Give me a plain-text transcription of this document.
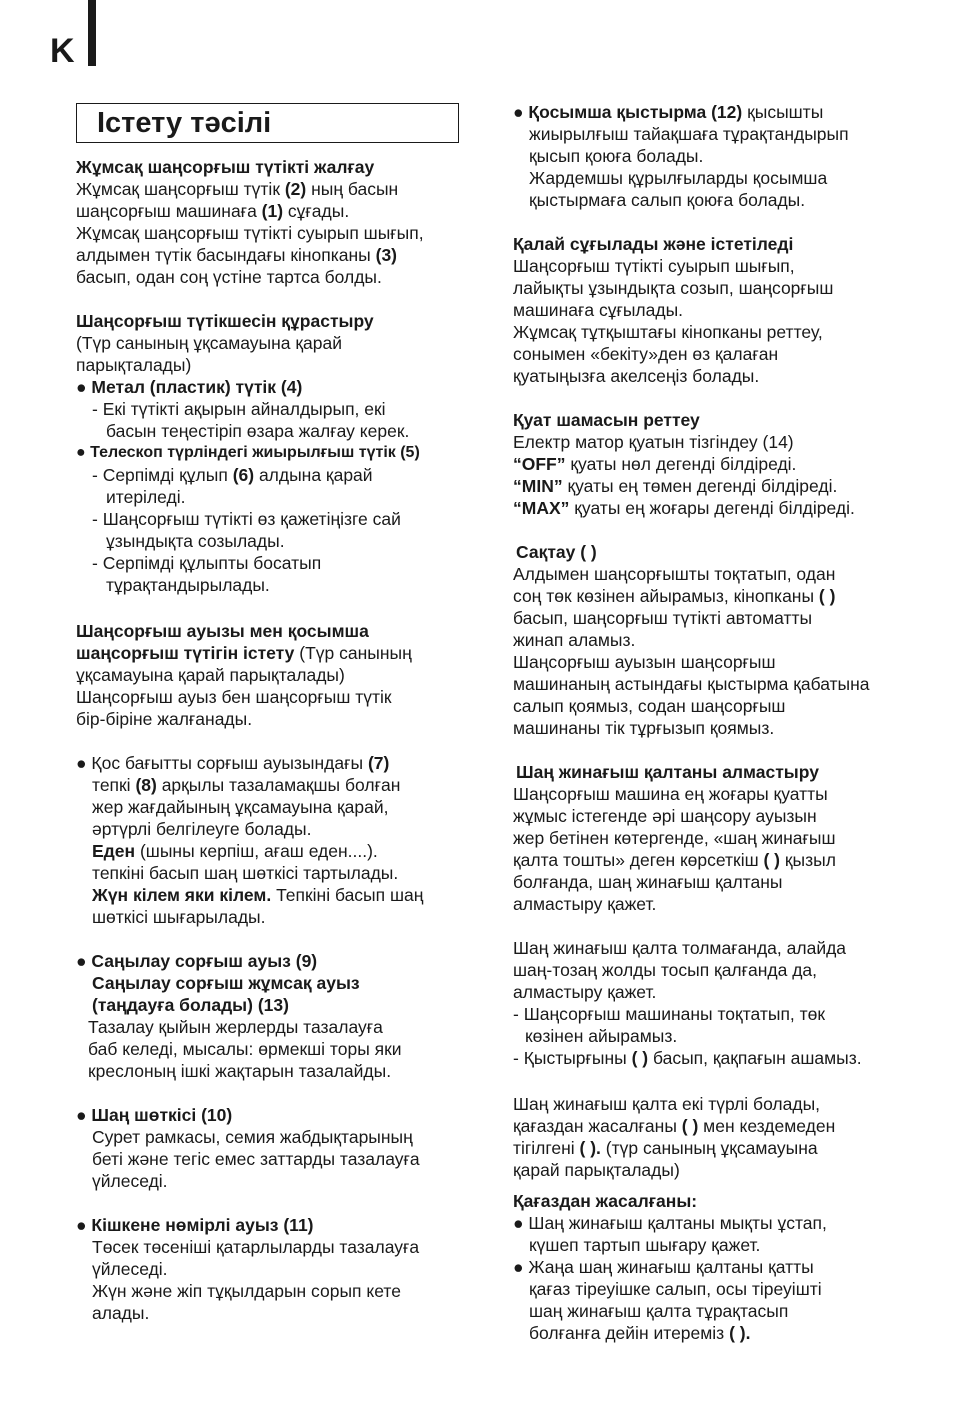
K
Істету тәсілі

Жұмсақ шаңсорғыш түтікті жалғау

Жұмсақ шаңсорғыш түтік (2) ның басын

шаңсорғыш машинаға (1) сұғады.

Жұмсақ шаңсорғыш түтікті суырып шығып,

алдымен түтік басындағы кінопканы (3)

басып, одан соң үстіне тартса болды.

Шаңсорғыш түтікшесін құрастыру

(Түр санының ұқсамауына қарай

парықталады)

● Метал (пластик) түтік (4)

- Екі түтікті ақырын айналдырып, екі

басын теңестіріп өзара жалғау керек.

● Телескоп түрліндегі жиырылғыш түтік (5)

- Серпімді құлып (6) алдына қарай

итеріледі.

- Шаңсорғыш түтікті өз қажетіңізге сай

ұзындықта созылады.

- Серпімді құлыпты босатып

тұрақтандырылады.

Шаңсорғыш ауызы мен қосымша

шаңсорғыш түтігін істету (Түр санының

ұқсамауына қарай парықталады)

Шаңсорғыш ауыз бен шаңсорғыш түтік

бір-біріне жалғанады.

● Қос бағытты сорғыш ауызындағы (7)

тепкі (8) арқылы тазаламақшы болған

жер жағдайының ұқсамауына қарай,

әртүрлі белгілеуге болады.

Еден (шыны керпіш, ағаш еден....).

тепкіні басып шаң шөткісі тартылады.

Жүн кілем яки кілем. Тепкіні басып шаң

шөткісі шығарылады.

● Саңылау сорғыш ауыз (9)

Саңылау сорғыш жұмсақ ауыз

(таңдауға болады) (13)

Тазалау қыйын жерлерды тазалауға

баб келеді, мысалы: өрмекші торы яки

креслоның ішкі жақтарын тазалайды.

● Шаң шөткісі (10)

Сурет рамкасы, семия жабдықтарының

беті және тегіс емес заттарды тазалауға

үйлеседі.

● Кішкене нөмірлі ауыз (11)

Төсек төсеніші қатарлыларды тазалауға

үйлеседі.

Жүн және жіп тұқылдарын сорып кете

алады.

● Қосымша қыстырма (12) қысышты

жиырылғыш тайақшаға тұрақтандырып

қысып қоюға болады.

Жардемшы құрылғыларды қосымша

қыстырмаға салып қоюға болады.

Қалай сұғылады және істетіледі

Шаңсорғыш түтікті суырып шығып,

лайықты ұзындықта созып, шаңсорғыш

машинаға сұғылады.

Жұмсақ тұтқыштағы кінопканы реттеу,

сонымен «бекіту»ден өз қалаған

қуатыңызға акелсеңіз болады.

Қуат шамасын реттеу

Електр матор қуатын тізгіндеу (14)

“OFF” қуаты нөл дегенді білдіреді.

“MIN” қуаты ең төмен дегенді білдіреді.

“MAX” қуаты ең жоғары дегенді білдіреді.

Сақтау ( )

Алдымен шаңсорғышты тоқтатып, одан

соң төк көзінен айырамыз, кінопканы ( )

басып, шаңсорғыш түтікті автоматты

жинап аламыз.

Шаңсорғыш ауызын шаңсорғыш

машинаның астындағы қыстырма қабатына

салып қоямыз, содан шаңсорғыш

машинаны тік тұрғызып қоямыз.

Шаң жинағыш қалтаны алмастыру

Шаңсорғыш машина ең жоғары қуатты

жұмыс істегенде әрі шаңсору ауызын

жер бетінен көтергенде, «шаң жинағыш

қалта тошты» деген көрсеткіш ( ) қызыл

болғанда, шаң жинағыш қалтаны

алмастыру қажет.

Шаң жинағыш қалта толмағанда, алайда

шаң-тозаң жолды тосып қалғанда да,

алмастыру қажет.

- Шаңсорғыш машинаны тоқтатып, төк

көзінен айырамыз.

- Қыстырғыны ( ) басып, қақпағын ашамыз.

Шаң жинағыш қалта екі түрлі болады,

қағаздан жасалғаны ( ) мен кездемеден

тігілгені ( ). (түр санының ұқсамауына

қарай парықталады)

Қағаздан жасалғаны:

● Шаң жинағыш қалтаны мықты ұстап,

күшеп тартып шығару қажет.

● Жаңа шаң жинағыш қалтаны қатты

қағаз тіреуішке салып, осы тіреуішті

шаң жинағыш қалта тұрақтасып

болғанға дейін итереміз ( ).
